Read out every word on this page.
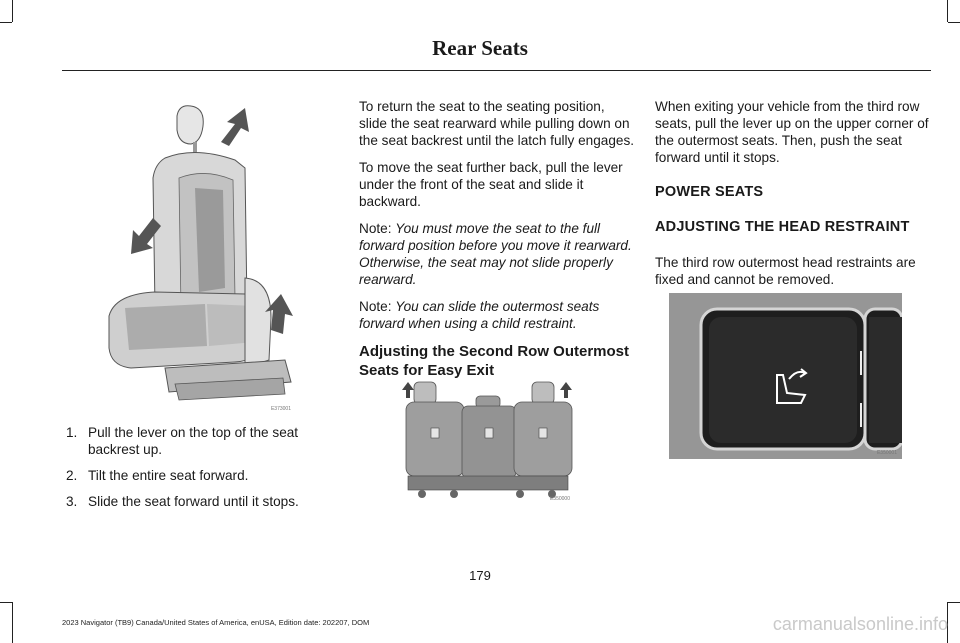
Rear Seats
E373001
1. Pull the lever on the top of the seat backrest up.
2. Tilt the entire seat forward.
3. Slide the seat forward until it stops.

To return the seat to the seating position, slide the seat rearward while pulling down on the seat backrest until the latch fully engages.

To move the seat further back, pull the lever under the front of the seat and slide it backward.

Note: You must move the seat to the full forward position before you move it rearward. Otherwise, the seat may not slide properly rearward.

Note: You can slide the outermost seats forward when using a child restraint.

Adjusting the Second Row Outermost Seats for Easy Exit
E350000

When exiting your vehicle from the third row seats, pull the lever up on the upper corner of the outermost seats. Then, push the seat forward until it stops.

POWER SEATS
ADJUSTING THE HEAD RESTRAINT

The third row outermost head restraints are fixed and cannot be removed.

E350001
179
2023 Navigator (TB9) Canada/United States of America, enUSA, Edition date: 202207, DOM	carmanualsonline.info
